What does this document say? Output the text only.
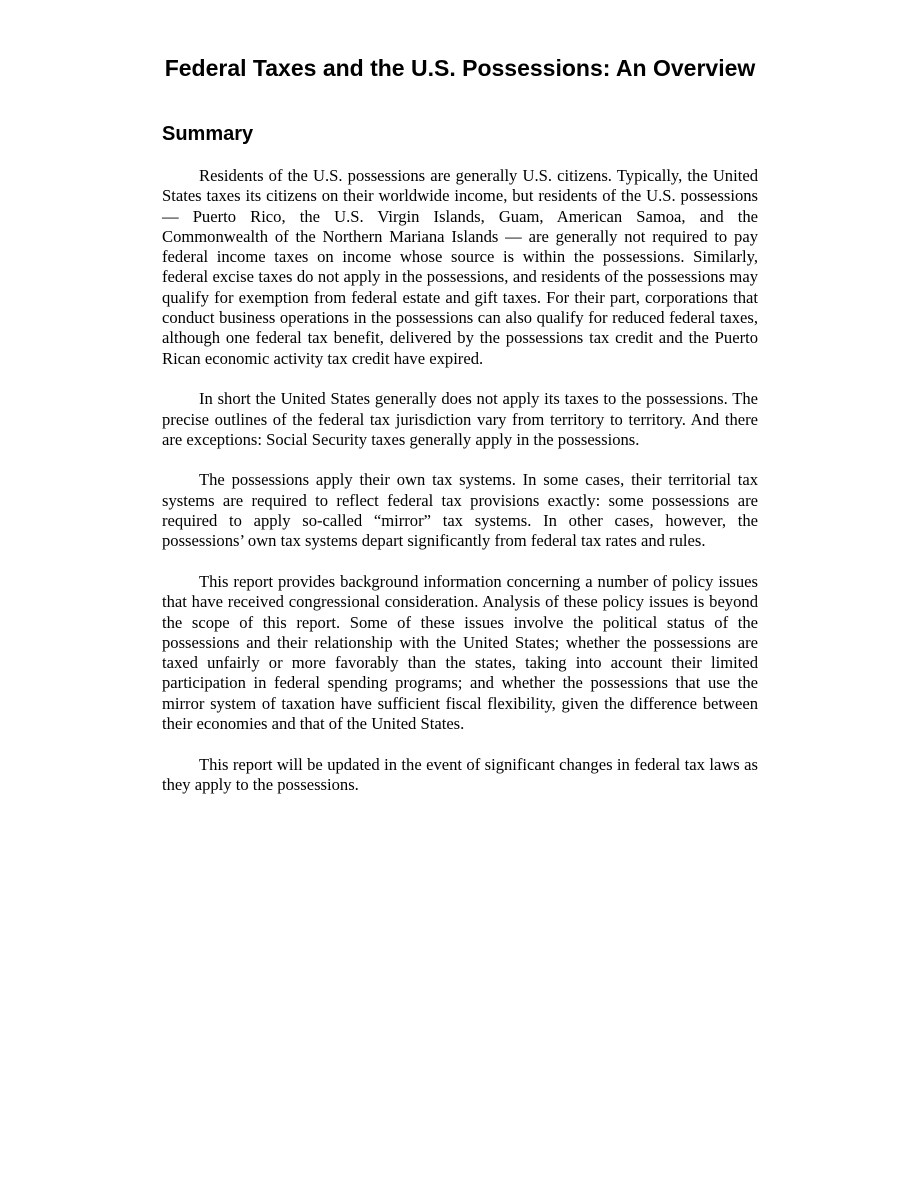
Federal Taxes and the U.S. Possessions: An Overview
Summary

Residents of the U.S. possessions are generally U.S. citizens. Typically, the United States taxes its citizens on their worldwide income, but residents of the U.S. possessions — Puerto Rico, the U.S. Virgin Islands, Guam, American Samoa, and the Commonwealth of the Northern Mariana Islands — are generally not required to pay federal income taxes on income whose source is within the possessions. Similarly, federal excise taxes do not apply in the possessions, and residents of the possessions may qualify for exemption from federal estate and gift taxes. For their part, corporations that conduct business operations in the possessions can also qualify for reduced federal taxes, although one federal tax benefit, delivered by the possessions tax credit and the Puerto Rican economic activity tax credit have expired.

In short the United States generally does not apply its taxes to the possessions. The precise outlines of the federal tax jurisdiction vary from territory to territory. And there are exceptions: Social Security taxes generally apply in the possessions.

The possessions apply their own tax systems. In some cases, their territorial tax systems are required to reflect federal tax provisions exactly: some possessions are required to apply so-called “mirror” tax systems. In other cases, however, the possessions’ own tax systems depart significantly from federal tax rates and rules.

This report provides background information concerning a number of policy issues that have received congressional consideration. Analysis of these policy issues is beyond the scope of this report. Some of these issues involve the political status of the possessions and their relationship with the United States; whether the possessions are taxed unfairly or more favorably than the states, taking into account their limited participation in federal spending programs; and whether the possessions that use the mirror system of taxation have sufficient fiscal flexibility, given the difference between their economies and that of the United States.

This report will be updated in the event of significant changes in federal tax laws as they apply to the possessions.
